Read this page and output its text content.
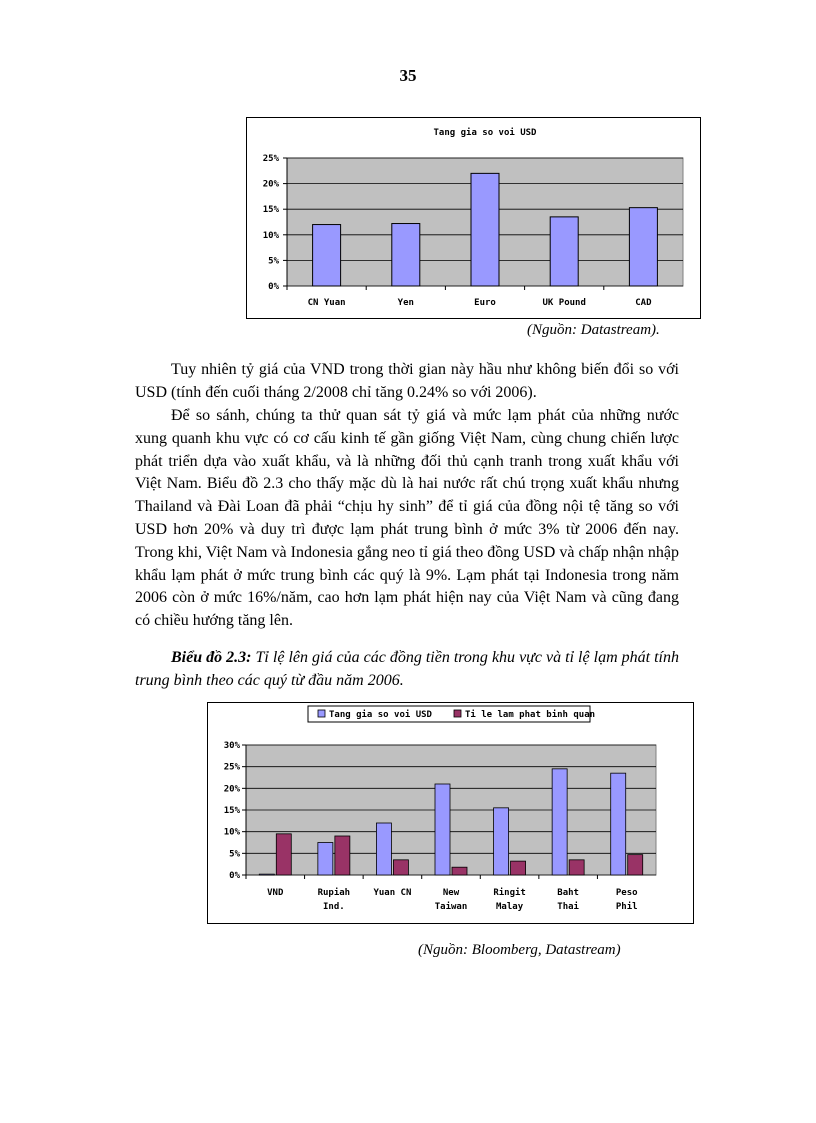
35
Tang gia so voi USD
0%
5%
10%
15%
20%
25%
CN Yuan	Yen	Euro	UK Pound	CAD
(Nguồn: Datastream).

Tuy nhiên tỷ giá của VND trong thời gian này hầu như không biến đổi so với USD (tính đến cuối tháng 2/2008 chỉ tăng 0.24% so với 2006).

Để so sánh, chúng ta thử quan sát tỷ giá và mức lạm phát của những nước xung quanh khu vực có cơ cấu kinh tế gần giống Việt Nam, cùng chung chiến lược phát triển dựa vào xuất khẩu, và là những đối thủ cạnh tranh trong xuất khẩu với Việt Nam. Biểu đồ 2.3 cho thấy mặc dù là hai nước rất chú trọng xuất khẩu nhưng Thailand và Đài Loan đã phải “chịu hy sinh” để tỉ giá của đồng nội tệ tăng so với USD hơn 20% và duy trì được lạm phát trung bình ở mức 3% từ 2006 đến nay. Trong khi, Việt Nam và Indonesia gắng neo tỉ giá theo đồng USD và chấp nhận nhập khẩu lạm phát ở mức trung bình các quý là 9%. Lạm phát tại Indonesia trong năm 2006 còn ở mức 16%/năm, cao hơn lạm phát hiện nay của Việt Nam và cũng đang có chiều hướng tăng lên.

Biểu đồ 2.3: Tỉ lệ lên giá của các đồng tiền trong khu vực và tỉ lệ lạm phát tính trung bình theo các quý từ đầu năm 2006.

Tang gia so voi USD	Ti le lam phat binh quan
0%
5%
10%
15%
20%
25%
30%
VND	Rupiah Ind.
Yuan CN	New Taiwan
Ringit Malay
Baht Thai
Peso Phil
(Nguồn: Bloomberg, Datastream)
